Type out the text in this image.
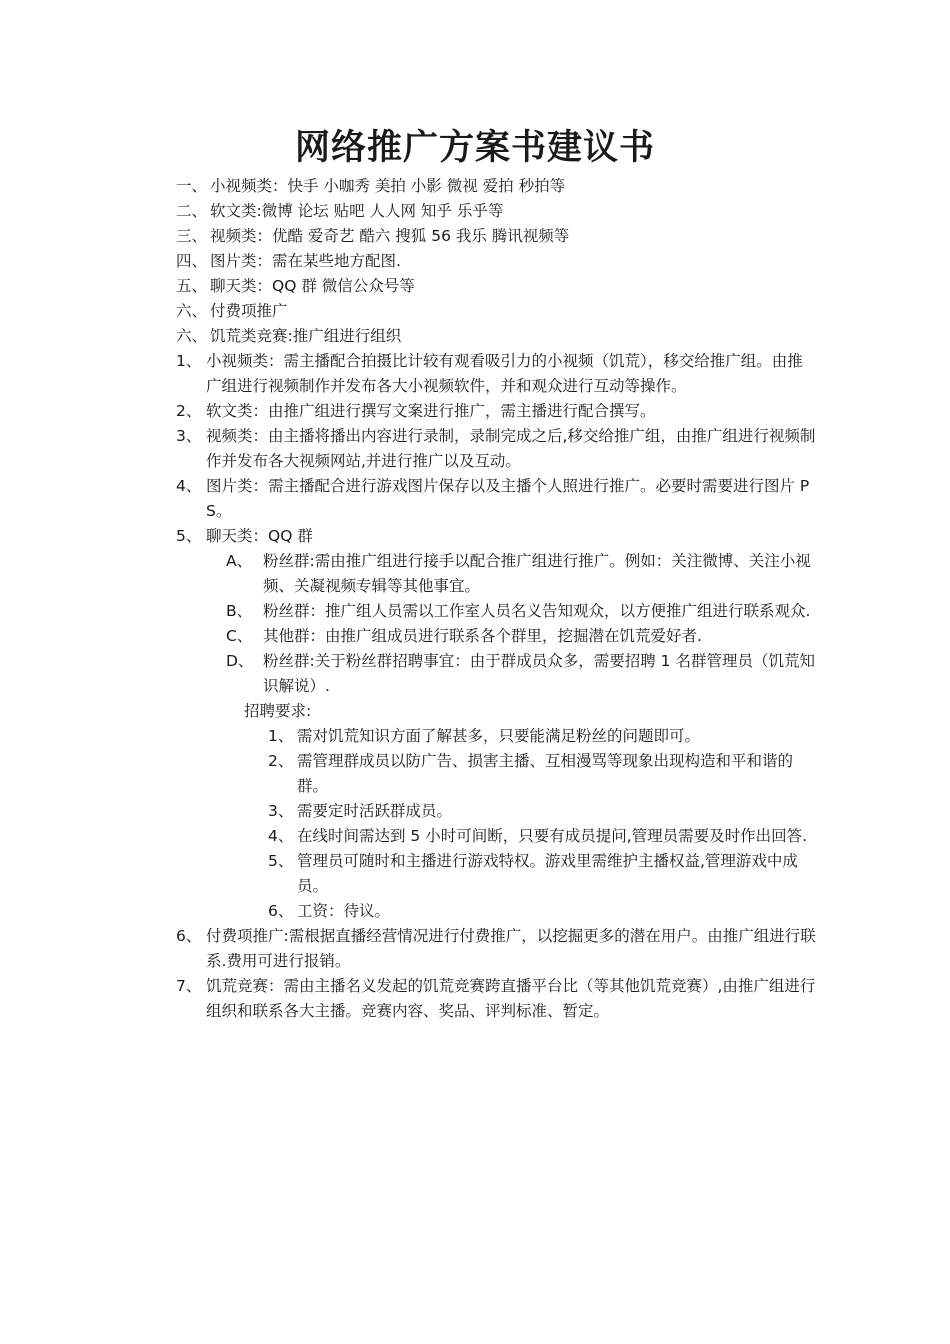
网络推广方案书建议书
一、 小视频类：快手 小咖秀 美拍 小影 微视 爱拍 秒拍等
二、 软文类:微博 论坛 贴吧 人人网 知乎 乐乎等
三、 视频类：优酷 爱奇艺 酷六 搜狐 56 我乐 腾讯视频等
四、 图片类：需在某些地方配图.
五、 聊天类：QQ 群 微信公众号等
六、 付费项推广
六、 饥荒类竞赛:推广组进行组织
1、 小视频类：需主播配合拍摄比计较有观看吸引力的小视频（饥荒），移交给推广组。由推广组进行视频制作并发布各大小视频软件，并和观众进行互动等操作。
2、 软文类：由推广组进行撰写文案进行推广，需主播进行配合撰写。
3、 视频类：由主播将播出内容进行录制，录制完成之后,移交给推广组，由推广组进行视频制作并发布各大视频网站,并进行推广以及互动。
4、 图片类：需主播配合进行游戏图片保存以及主播个人照进行推广。必要时需要进行图片 PS。
5、 聊天类：QQ 群
A、 粉丝群:需由推广组进行接手以配合推广组进行推广。例如：关注微博、关注小视频、关凝视频专辑等其他事宜。
B、 粉丝群：推广组人员需以工作室人员名义告知观众，以方便推广组进行联系观众.
C、 其他群：由推广组成员进行联系各个群里，挖掘潜在饥荒爱好者.
D、 粉丝群:关于粉丝群招聘事宜：由于群成员众多，需要招聘 1 名群管理员（饥荒知识解说）.
招聘要求:
1、 需对饥荒知识方面了解甚多，只要能满足粉丝的问题即可。
2、 需管理群成员以防广告、损害主播、互相漫骂等现象出现构造和平和谐的群。
3、 需要定时活跃群成员。
4、 在线时间需达到 5 小时可间断，只要有成员提问,管理员需要及时作出回答.
5、 管理员可随时和主播进行游戏特权。游戏里需维护主播权益,管理游戏中成员。
6、 工资：待议。
6、 付费项推广:需根据直播经营情况进行付费推广，以挖掘更多的潜在用户。由推广组进行联系.费用可进行报销。
7、 饥荒竞赛：需由主播名义发起的饥荒竞赛跨直播平台比（等其他饥荒竞赛）,由推广组进行组织和联系各大主播。竞赛内容、奖品、评判标准、暂定。
